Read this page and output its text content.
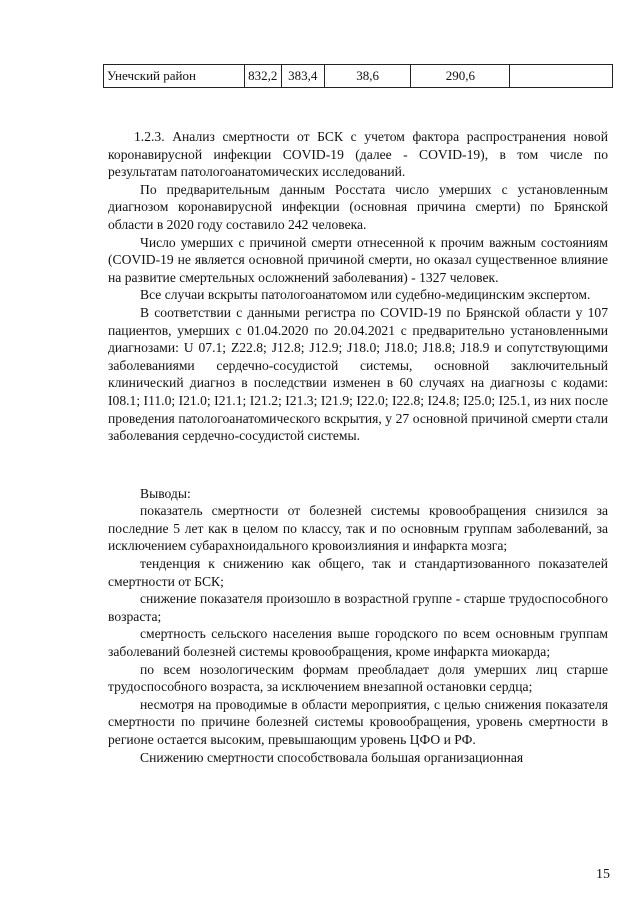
Унечский район	832,2	383,4	38,6	290,6	

1.2.3. Анализ смертности от БСК с учетом фактора распространения новой коронавирусной инфекции COVID-19 (далее - COVID-19), в том числе по результатам патологоанатомических исследований.

По предварительным данным Росстата число умерших с установленным диагнозом коронавирусной инфекции (основная причина смерти) по Брянской области в 2020 году составило 242 человека.

Число умерших с причиной смерти отнесенной к прочим важным состояниям (COVID-19 не является основной причиной смерти, но оказал существенное влияние на развитие смертельных осложнений заболевания) - 1327 человек.

Все случаи вскрыты патологоанатомом или судебно-медицинским экспертом.

В соответствии с данными регистра по COVID-19 по Брянской области у 107 пациентов, умерших с 01.04.2020 по 20.04.2021 с предварительно установленными диагнозами: U 07.1; Z22.8; J12.8; J12.9; J18.0; J18.0; J18.8; J18.9 и сопутствующими заболеваниями сердечно-сосудистой системы, основной заключительный клинический диагноз в последствии изменен в 60 случаях на диагнозы с кодами: I08.1; I11.0; I21.0; I21.1; I21.2; I21.3; I21.9; I22.0; I22.8; I24.8; I25.0; I25.1, из них после проведения патологоанатомического вскрытия, у 27 основной причиной смерти стали заболевания сердечно-сосудистой системы.

Выводы:

показатель смертности от болезней системы кровообращения снизился за последние 5 лет как в целом по классу, так и по основным группам заболеваний, за исключением субарахноидального кровоизлияния и инфаркта мозга;

тенденция к снижению как общего, так и стандартизованного показателей смертности от БСК;

снижение показателя произошло в возрастной группе - старше трудоспособного возраста;

смертность сельского населения выше городского по всем основным группам заболеваний болезней системы кровообращения, кроме инфаркта миокарда;

по всем нозологическим формам преобладает доля умерших лиц старше трудоспособного возраста, за исключением внезапной остановки сердца;

несмотря на проводимые в области мероприятия, с целью снижения показателя смертности по причине болезней системы кровообращения, уровень смертности в регионе остается высоким, превышающим уровень ЦФО и РФ.

Снижению смертности способствовала большая организационная

15
